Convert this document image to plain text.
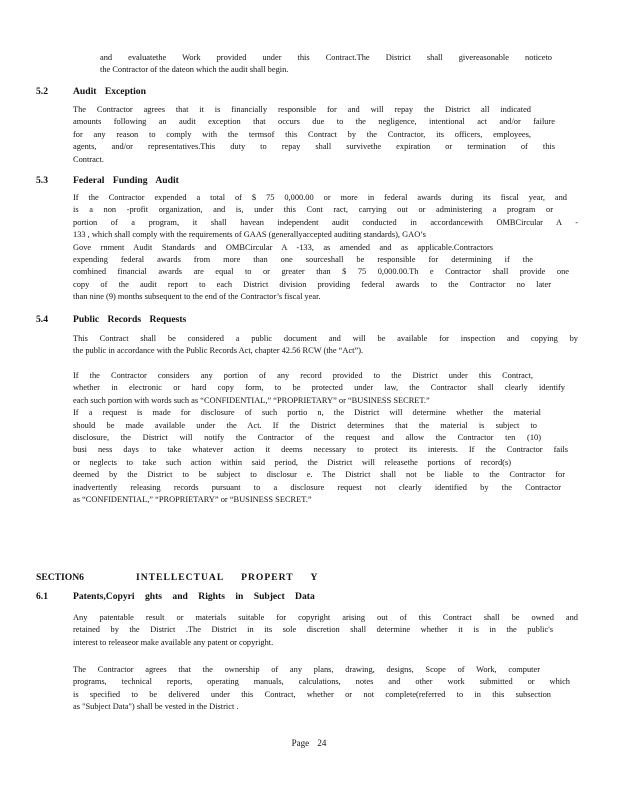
and evaluatethe Work provided under this Contract.The District shall givereasonable noticeto
the Contractor of the dateon which the audit shall begin.
5.2	Audit Exception
The Contractor agrees that it is financially responsible for and will repay the District all indicated
amounts following an audit exception that occurs due to the negligence, intentional act and/or failure
for any reason to comply with the termsof this Contract by the Contractor, its officers, employees,
agents, and/or representatives.This duty to repay shall survivethe expiration or termination of this
Contract.
5.3	Federal Funding Audit
If the Contractor expended a total of $ 75 0,000.00 or more in federal awards during its fiscal year, and
is a non -profit organization, and is, under this Cont ract, carrying out or administering a program or
portion of a program, it shall havean independent audit conducted in accordancewith OMBCircular A -
133 , which shall comply with the requirements of GAAS (generallyaccepted auditing standards), GAO’s
Gove rnment Audit Standards and OMBCircular A -133, as amended and as applicable.Contractors
expending federal awards from more than one sourceshall be responsible for determining if the
combined financial awards are equal to or greater than $ 75 0,000.00.Th e Contractor shall provide one
copy of the audit report to each District division providing federal awards to the Contractor no later
than nine (9) months subsequent to the end of the Contractor’s fiscal year.
5.4	Public Records Requests
This Contract shall be considered a public document and will be available for inspection and copying by
the public in accordance with the Public Records Act, chapter 42.56 RCW (the “Act”).
If the Contractor considers any portion of any record provided to the District under this Contract,
whether in electronic or hard copy form, to be protected under law, the Contractor shall clearly identify
each such portion with words such as “CONFIDENTIAL,” “PROPRIETARY” or “BUSINESS SECRET.”
If a request is made for disclosure of such portio n, the District will determine whether the material
should be made available under the Act. If the District determines that the material is subject to
disclosure, the District will notify the Contractor of the request and allow the Contractor ten (10)
busi ness days to take whatever action it deems necessary to protect its interests. If the Contractor fails
or neglects to take such action within said period, the District will releasethe portions of record(s)
deemed by the District to be subject to disclosur e. The District shall not be liable to the Contractor for
inadvertently releasing records pursuant to a disclosure request not clearly identified by the Contractor
as “CONFIDENTIAL,” “PROPRIETARY” or “BUSINESS SECRET.”
SECTION6	INTELLECTUAL PROPERT Y
6.1	Patents,Copyri ghts and Rights in Subject Data
Any patentable result or materials suitable for copyright arising out of this Contract shall be owned and
retained by the District .The District in its sole discretion shall determine whether it is in the public's
interest to releaseor make available any patent or copyright.
The Contractor agrees that the ownership of any plans, drawing, designs, Scope of Work, computer
programs, technical reports, operating manuals, calculations, notes and other work submitted or which
is specified to be delivered under this Contract, whether or not complete(referred to in this subsection
as "Subject Data") shall be vested in the District .
Page 24
